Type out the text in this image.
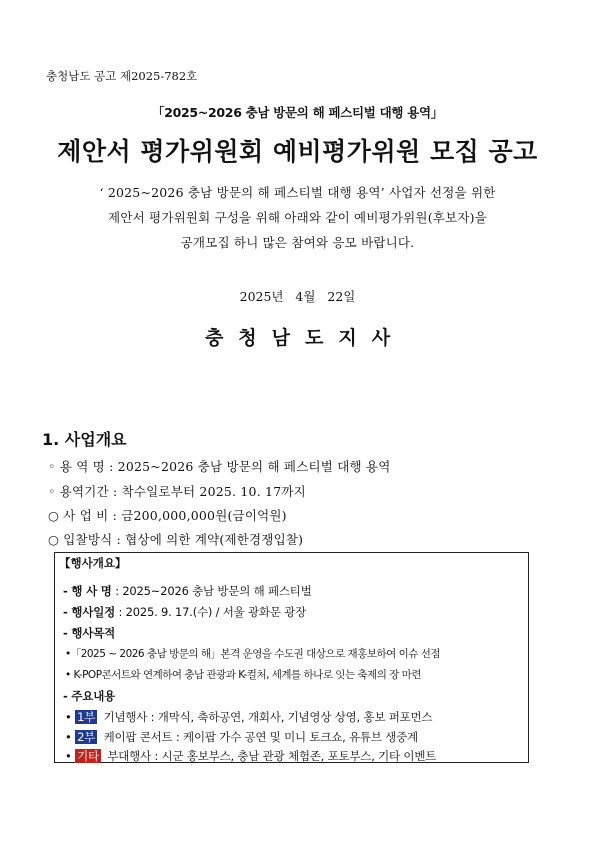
충청남도 공고 제2025-782호
「2025~2026 충남 방문의 해 페스티벌 대행 용역」
제안서 평가위원회 예비평가위원 모집 공고
‘ 2025~2026 충남 방문의 해 페스티벌 대행 용역’ 사업자 선정을 위한
제안서 평가위원회 구성을 위해 아래와 같이 예비평가위원(후보자)을
공개모집 하니 많은 참여와 응모 바랍니다.
2025년   4월   22일
충청남도지사
1. 사업개요
◦ 용 역 명 : 2025~2026 충남 방문의 해 페스티벌 대행 용역
◦ 용역기간 : 착수일로부터 2025. 10. 17까지
○ 사 업 비 : 금200,000,000원(금이억원)
○ 입찰방식 : 협상에 의한 계약(제한경쟁입찰)
【행사개요】
- 행 사 명 : 2025~2026 충남 방문의 해 페스티벌
- 행사일정 : 2025. 9. 17.(수) / 서울 광화문 광장
- 행사목적
•「2025 ~ 2026 충남 방문의 해」본격 운영을 수도권 대상으로 재홍보하여 이슈 선점
• K-POP콘서트와 연계하여 충남 관광과 K-컬처, 세계를 하나로 잇는 축제의 장 마련
- 주요내용
• 1부 기념행사 : 개막식, 축하공연, 개회사, 기념영상 상영, 홍보 퍼포먼스
• 2부 케이팝 콘서트 : 케이팝 가수 공연 및 미니 토크쇼, 유튜브 생중계
• 기타 부대행사 : 시군 홍보부스, 충남 관광 체험존, 포토부스, 기타 이벤트
